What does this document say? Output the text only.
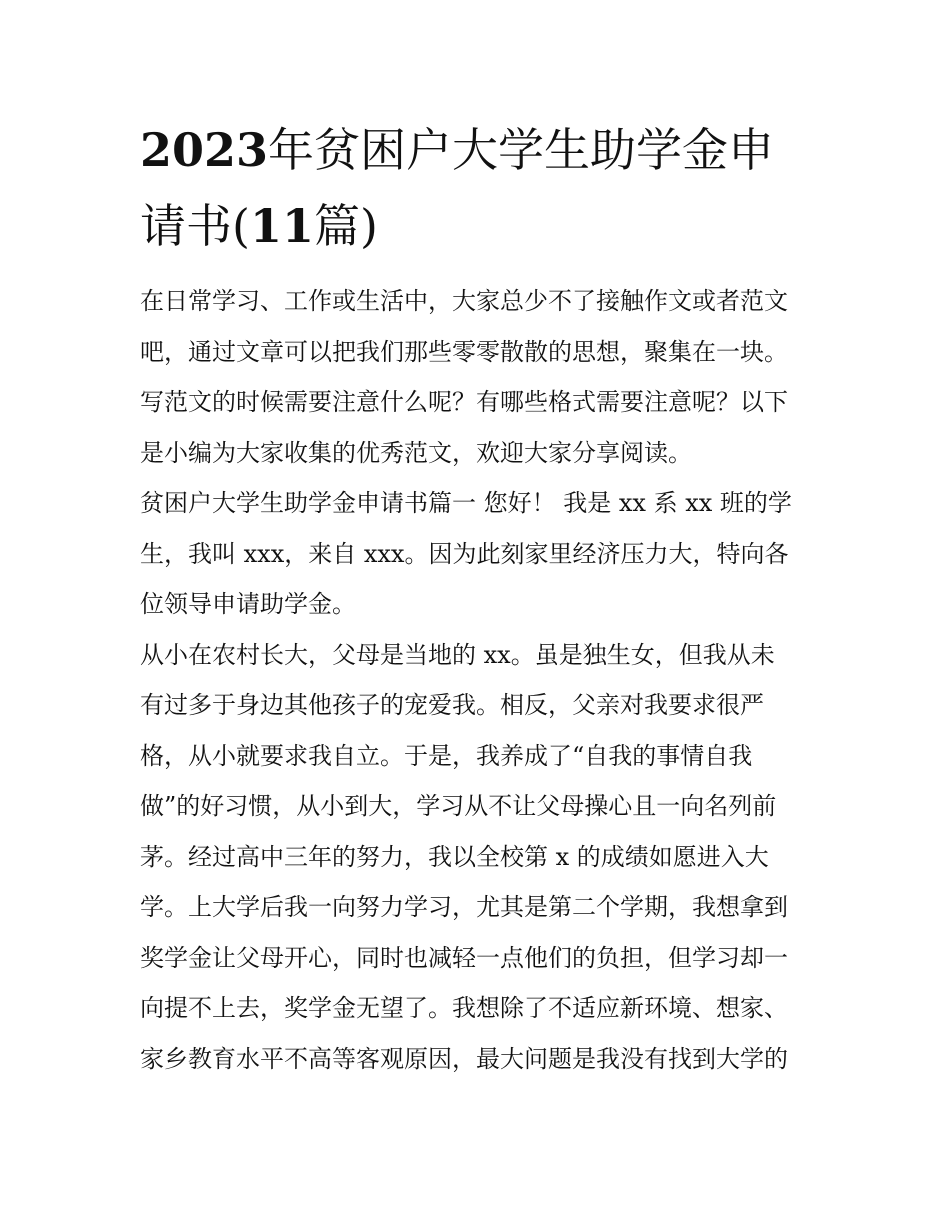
2023年贫困户大学生助学金申请书(11篇)

在日常学习、工作或生活中，大家总少不了接触作文或者范文
吧，通过文章可以把我们那些零零散散的思想，聚集在一块。
写范文的时候需要注意什么呢？有哪些格式需要注意呢？以下
是小编为大家收集的优秀范文，欢迎大家分享阅读。

贫困户大学生助学金申请书篇一 您好！ 我是 xx 系 xx 班的学
生，我叫 xxx，来自 xxx。因为此刻家里经济压力大，特向各
位领导申请助学金。

从小在农村长大，父母是当地的 xx。虽是独生女，但我从未
有过多于身边其他孩子的宠爱我。相反，父亲对我要求很严
格，从小就要求我自立。于是，我养成了“自我的事情自我
做”的好习惯，从小到大，学习从不让父母操心且一向名列前
茅。经过高中三年的努力，我以全校第 x 的成绩如愿进入大
学。上大学后我一向努力学习，尤其是第二个学期，我想拿到
奖学金让父母开心，同时也减轻一点他们的负担，但学习却一
向提不上去，奖学金无望了。我想除了不适应新环境、想家、
家乡教育水平不高等客观原因，最大问题是我没有找到大学的
